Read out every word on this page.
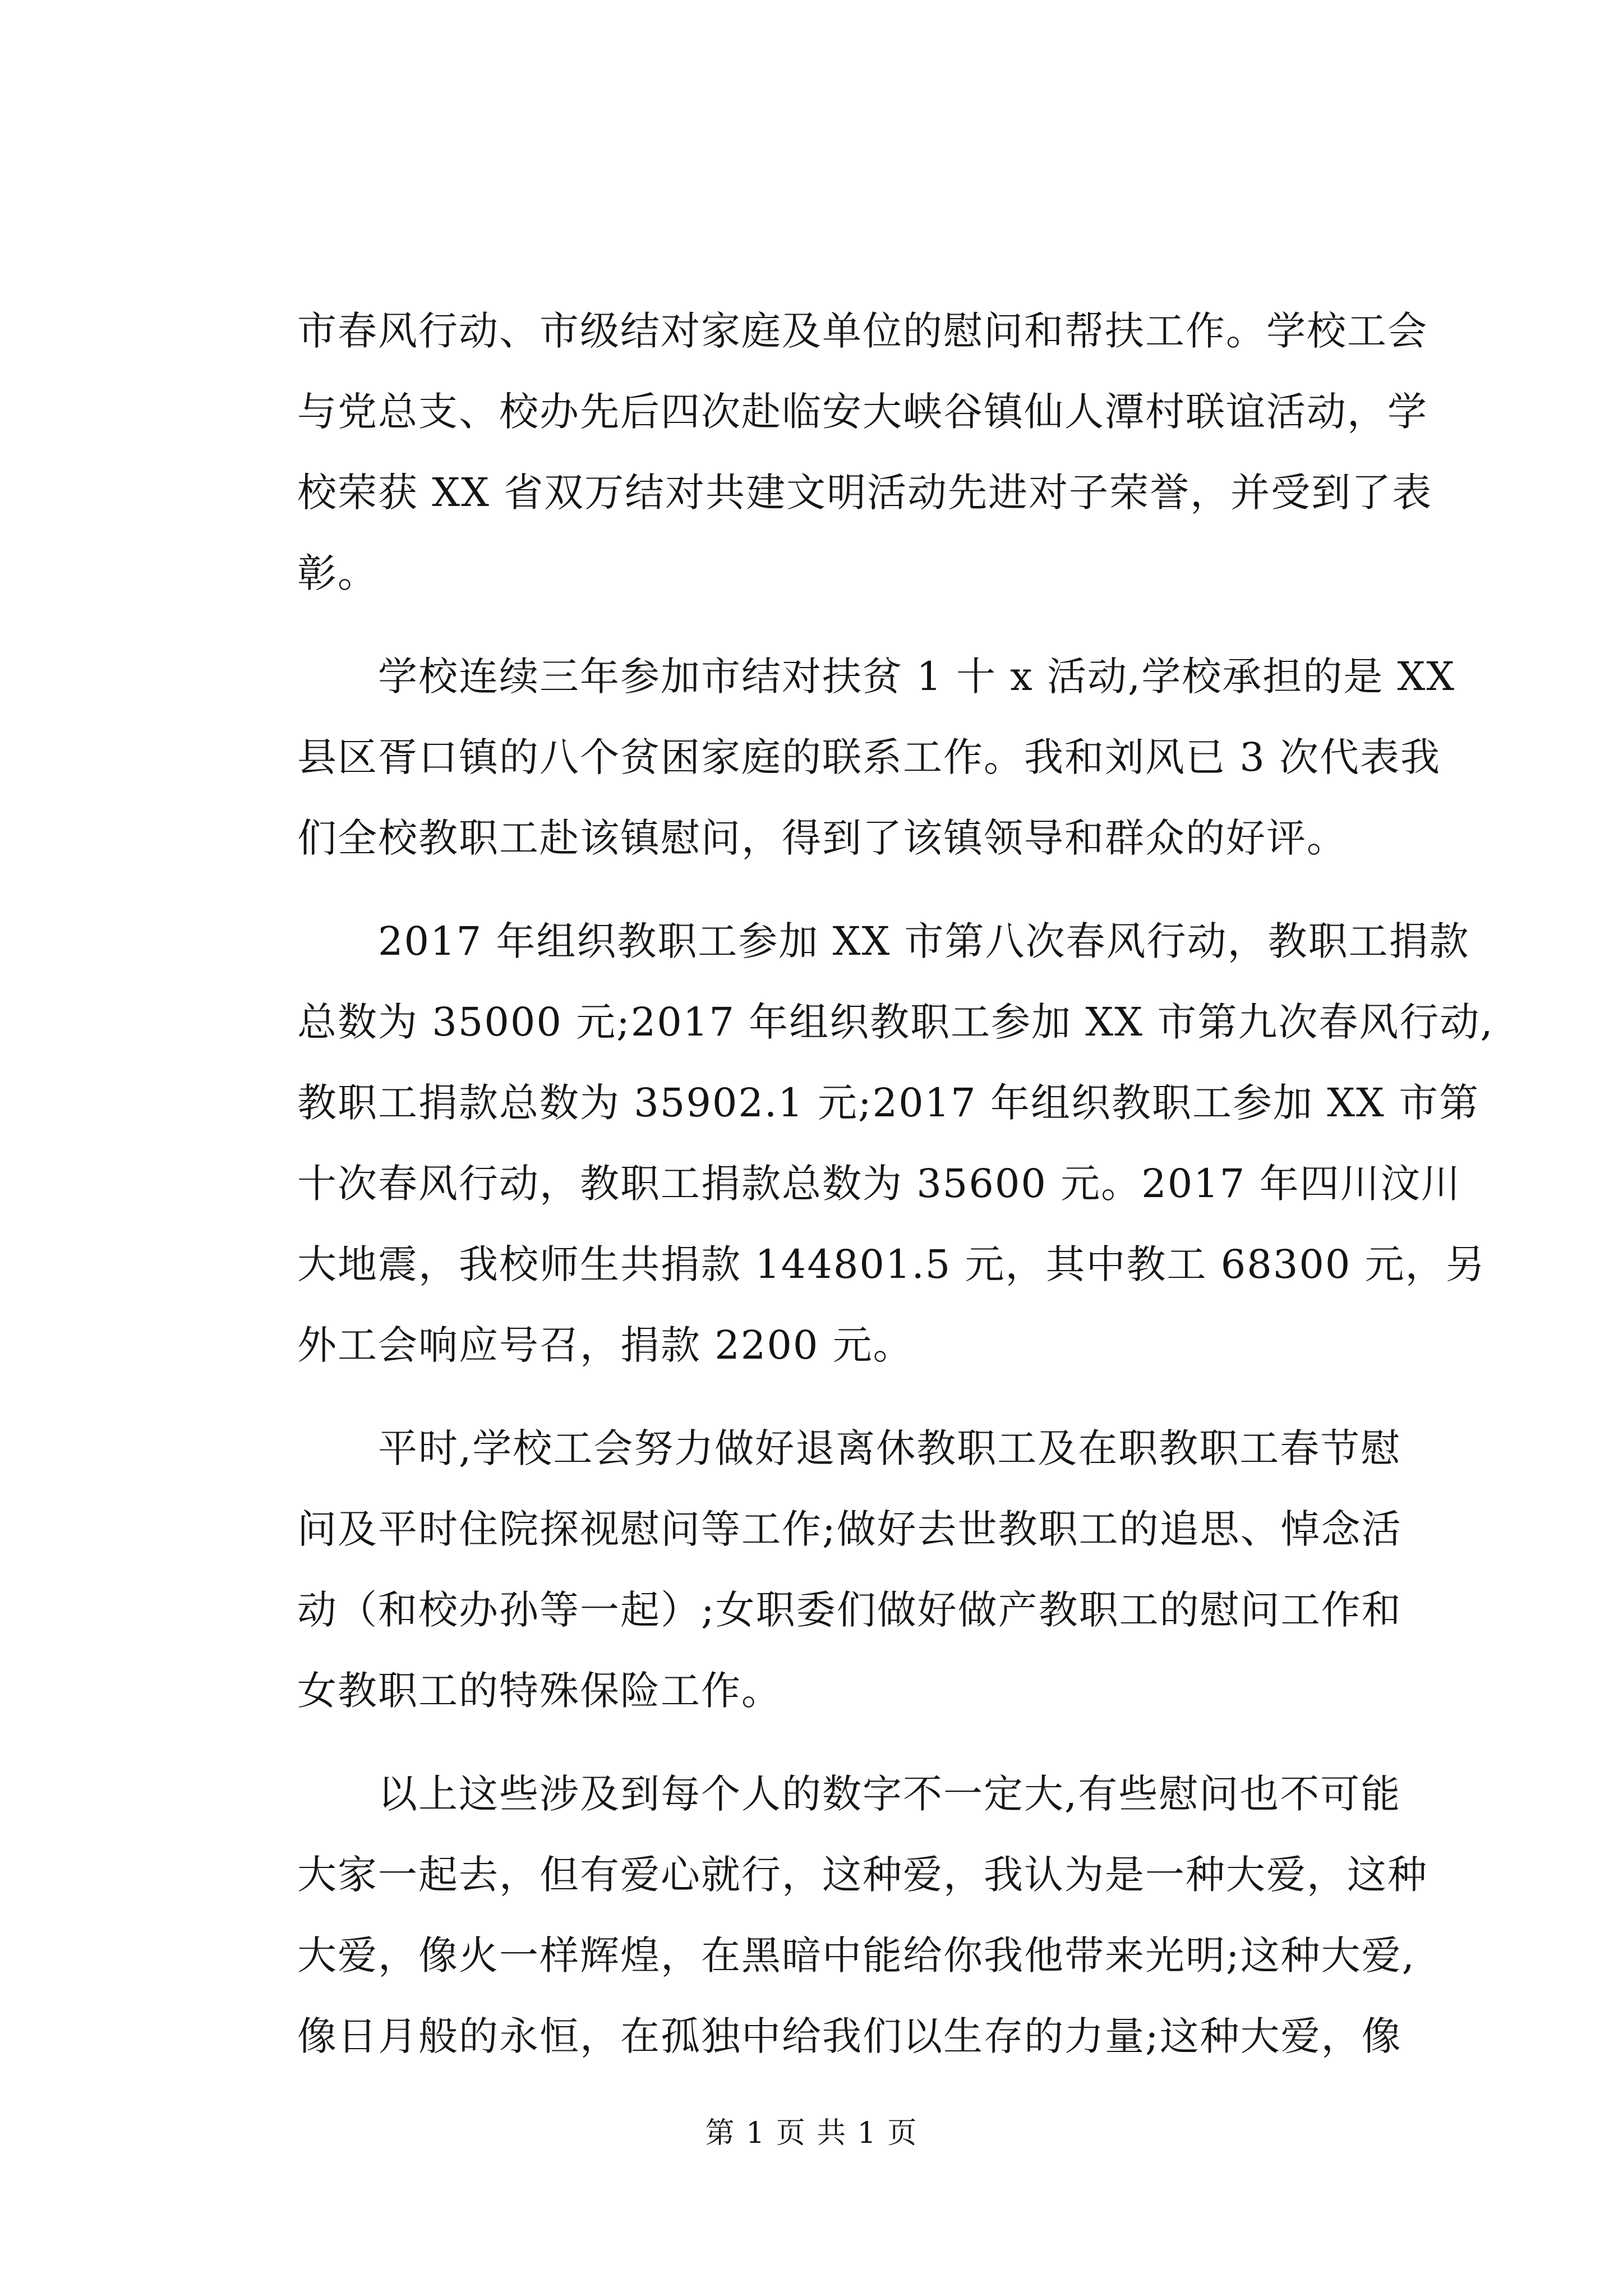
市春风行动、市级结对家庭及单位的慰问和帮扶工作。学校工会
与党总支、校办先后四次赴临安大峡谷镇仙人潭村联谊活动，学
校荣获 XX 省双万结对共建文明活动先进对子荣誉，并受到了表
彰。
　　学校连续三年参加市结对扶贫 1 十 x 活动,学校承担的是 XX
县区胥口镇的八个贫困家庭的联系工作。我和刘风已 3 次代表我
们全校教职工赴该镇慰问，得到了该镇领导和群众的好评。
　　2017 年组织教职工参加 XX 市第八次春风行动，教职工捐款
总数为 35000 元;2017 年组织教职工参加 XX 市第九次春风行动,
教职工捐款总数为 35902.1 元;2017 年组织教职工参加 XX 市第
十次春风行动，教职工捐款总数为 35600 元。2017 年四川汶川
大地震，我校师生共捐款 144801.5 元，其中教工 68300 元，另
外工会响应号召，捐款 2200 元。
　　平时,学校工会努力做好退离休教职工及在职教职工春节慰
问及平时住院探视慰问等工作;做好去世教职工的追思、悼念活
动（和校办孙等一起）;女职委们做好做产教职工的慰问工作和
女教职工的特殊保险工作。
　　以上这些涉及到每个人的数字不一定大,有些慰问也不可能
大家一起去，但有爱心就行，这种爱，我认为是一种大爱，这种
大爱，像火一样辉煌，在黑暗中能给你我他带来光明;这种大爱,
像日月般的永恒，在孤独中给我们以生存的力量;这种大爱，像
第 1 页 共 1 页
